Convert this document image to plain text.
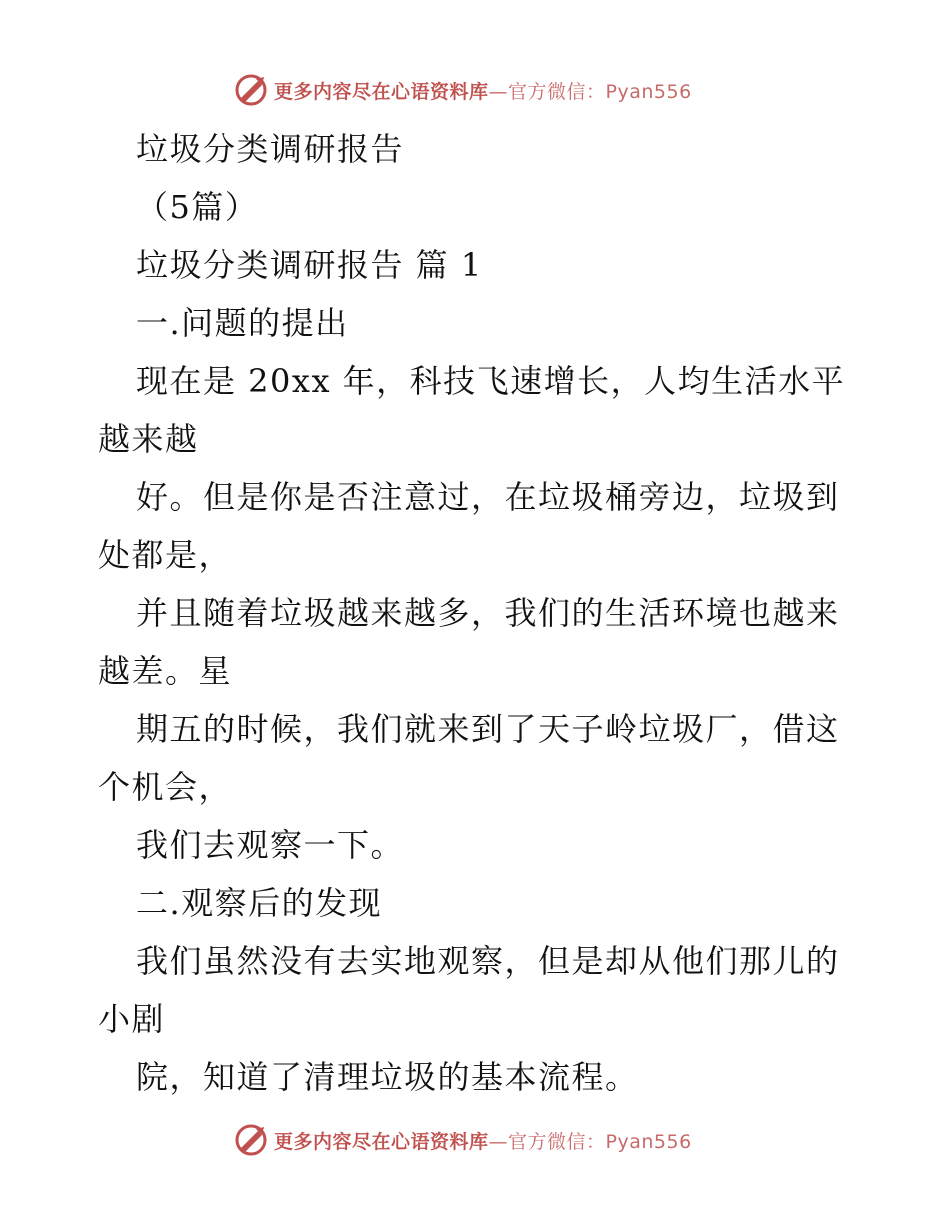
更多内容尽在心语资料库—官方微信：Pyan556
垃圾分类调研报告
（5篇）
垃圾分类调研报告 篇 1
一.问题的提出
现在是 20xx 年，科技飞速增长，人均生活水平
越来越
好。但是你是否注意过，在垃圾桶旁边，垃圾到
处都是，
并且随着垃圾越来越多，我们的生活环境也越来
越差。星
期五的时候，我们就来到了天子岭垃圾厂，借这
个机会，
我们去观察一下。
二.观察后的发现
我们虽然没有去实地观察，但是却从他们那儿的
小剧
院，知道了清理垃圾的基本流程。
更多内容尽在心语资料库—官方微信：Pyan556
